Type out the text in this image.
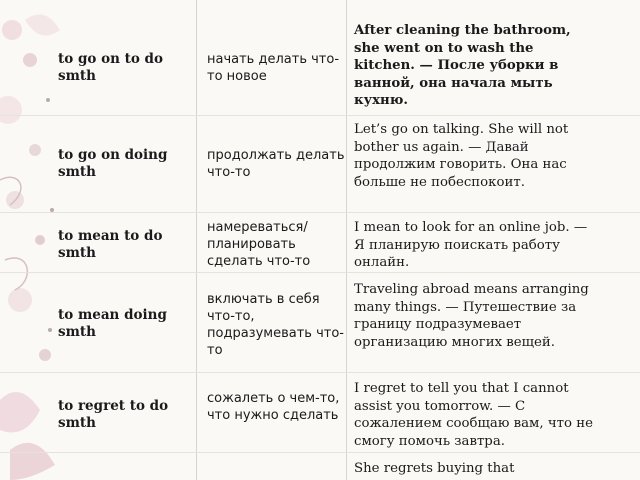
to go on to do smth
начать делать что-то новое
After cleaning the bathroom, she went on to wash the kitchen. — После уборки в ванной, она начала мыть кухню.
to go on doing smth
продолжать делать что-то
Let’s go on talking. She will not bother us again. — Давай продолжим говорить. Она нас больше не побеспокоит.
to mean to do smth
намереваться/ планировать сделать что-то
I mean to look for an online job. — Я планирую поискать работу онлайн.
to mean doing smth
включать в себя что-то, подразумевать что-то
Traveling abroad means arranging many things. — Путешествие за границу подразумевает организацию многих вещей.
to regret to do smth
сожалеть о чем-то, что нужно сделать
I regret to tell you that I cannot assist you tomorrow. — С сожалением сообщаю вам, что не смогу помочь завтра.
She regrets buying that
